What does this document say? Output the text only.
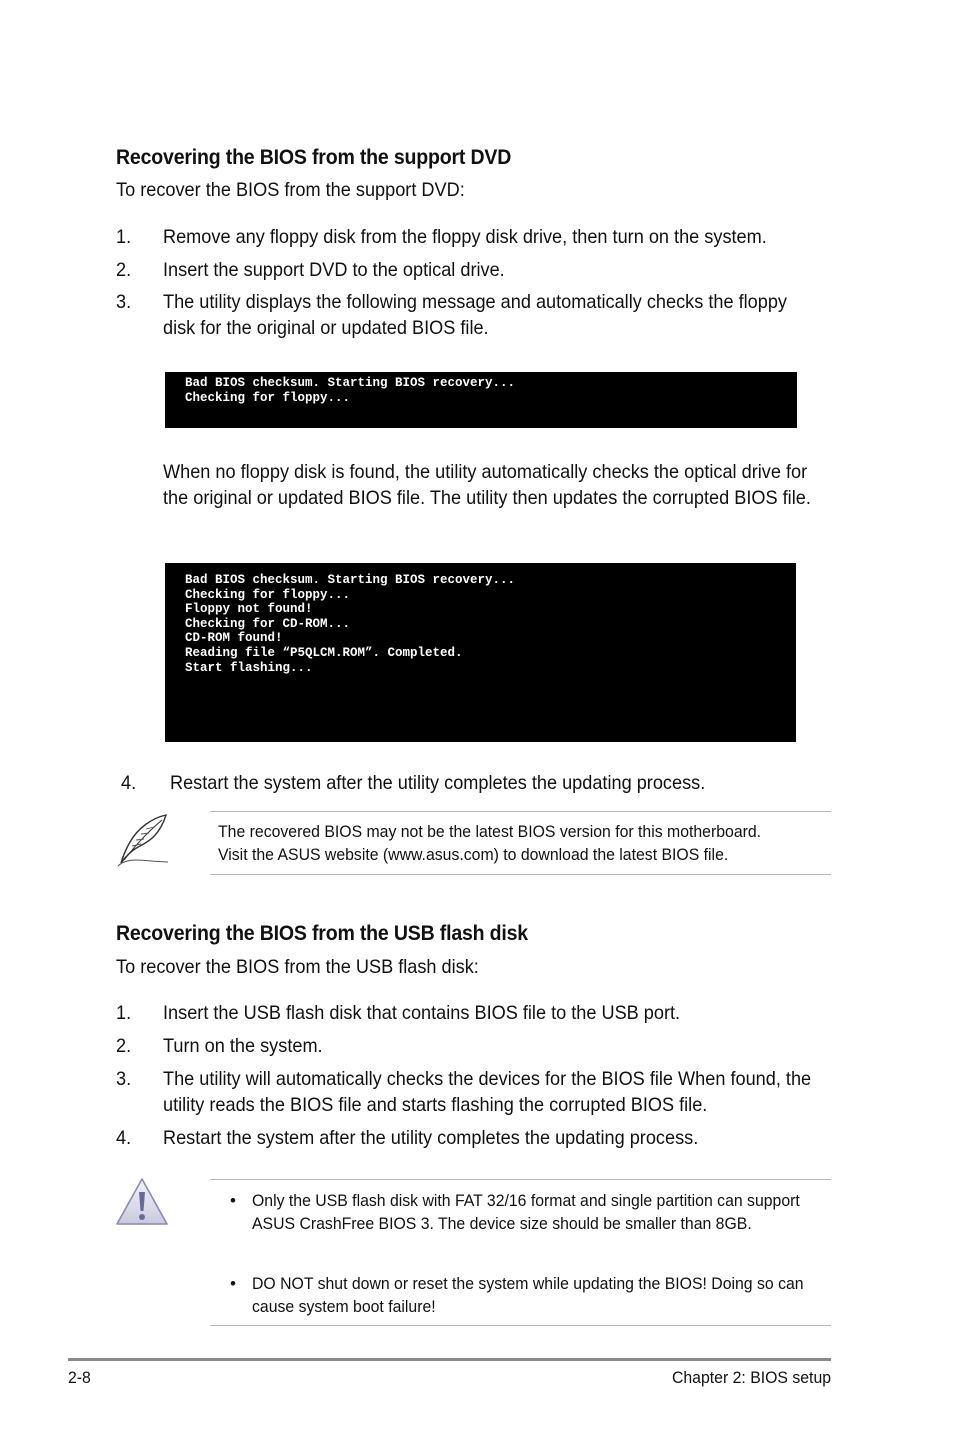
Recovering the BIOS from the support DVD
To recover the BIOS from the support DVD:
1. Remove any floppy disk from the floppy disk drive, then turn on the system.
2. Insert the support DVD to the optical drive.
3. The utility displays the following message and automatically checks the floppy disk for the original or updated BIOS file.
Bad BIOS checksum. Starting BIOS recovery...
Checking for floppy...
When no floppy disk is found, the utility automatically checks the optical drive for the original or updated BIOS file. The utility then updates the corrupted BIOS file.
Bad BIOS checksum. Starting BIOS recovery...
Checking for floppy...
Floppy not found!
Checking for CD-ROM...
CD-ROM found!
Reading file “P5QLCM.ROM”. Completed.
Start flashing...
4. Restart the system after the utility completes the updating process.
The recovered BIOS may not be the latest BIOS version for this motherboard.
Visit the ASUS website (www.asus.com) to download the latest BIOS file.
Recovering the BIOS from the USB flash disk
To recover the BIOS from the USB flash disk:
1. Insert the USB flash disk that contains BIOS file to the USB port.
2. Turn on the system.
3. The utility will automatically checks the devices for the BIOS file When found, the utility reads the BIOS file and starts flashing the corrupted BIOS file.
4. Restart the system after the utility completes the updating process.
• Only the USB flash disk with FAT 32/16 format and single partition can support ASUS CrashFree BIOS 3. The device size should be smaller than 8GB.
• DO NOT shut down or reset the system while updating the BIOS! Doing so can cause system boot failure!
2-8	Chapter 2: BIOS setup
